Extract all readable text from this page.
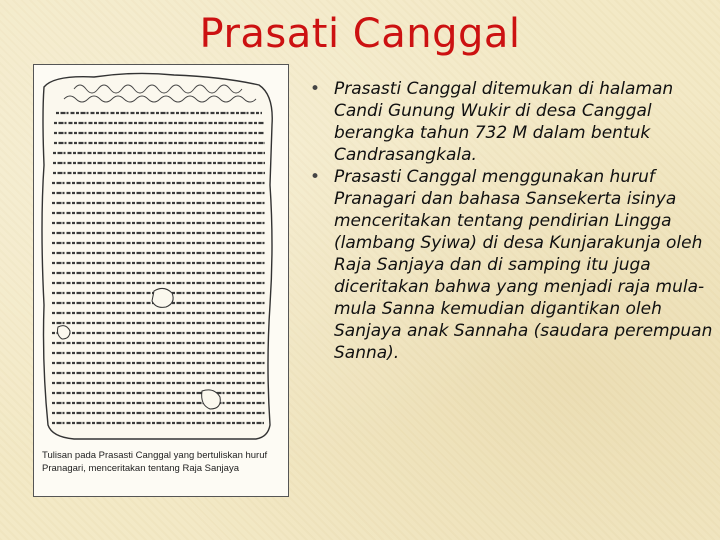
Prasati Canggal
Tulisan pada Prasasti Canggal yang bertuliskan huruf Pranagari, menceritakan tentang Raja Sanjaya
• Prasasti Canggal ditemukan di halaman Candi Gunung Wukir di desa Canggal berangka tahun 732 M dalam bentuk Candrasangkala.
• Prasasti Canggal menggunakan huruf Pranagari dan bahasa Sansekerta isinya menceritakan tentang pendirian Lingga (lambang Syiwa) di desa Kunjarakunja oleh Raja Sanjaya dan di samping itu juga diceritakan bahwa yang menjadi raja mula-mula Sanna kemudian digantikan oleh Sanjaya anak Sannaha (saudara perempuan Sanna).
